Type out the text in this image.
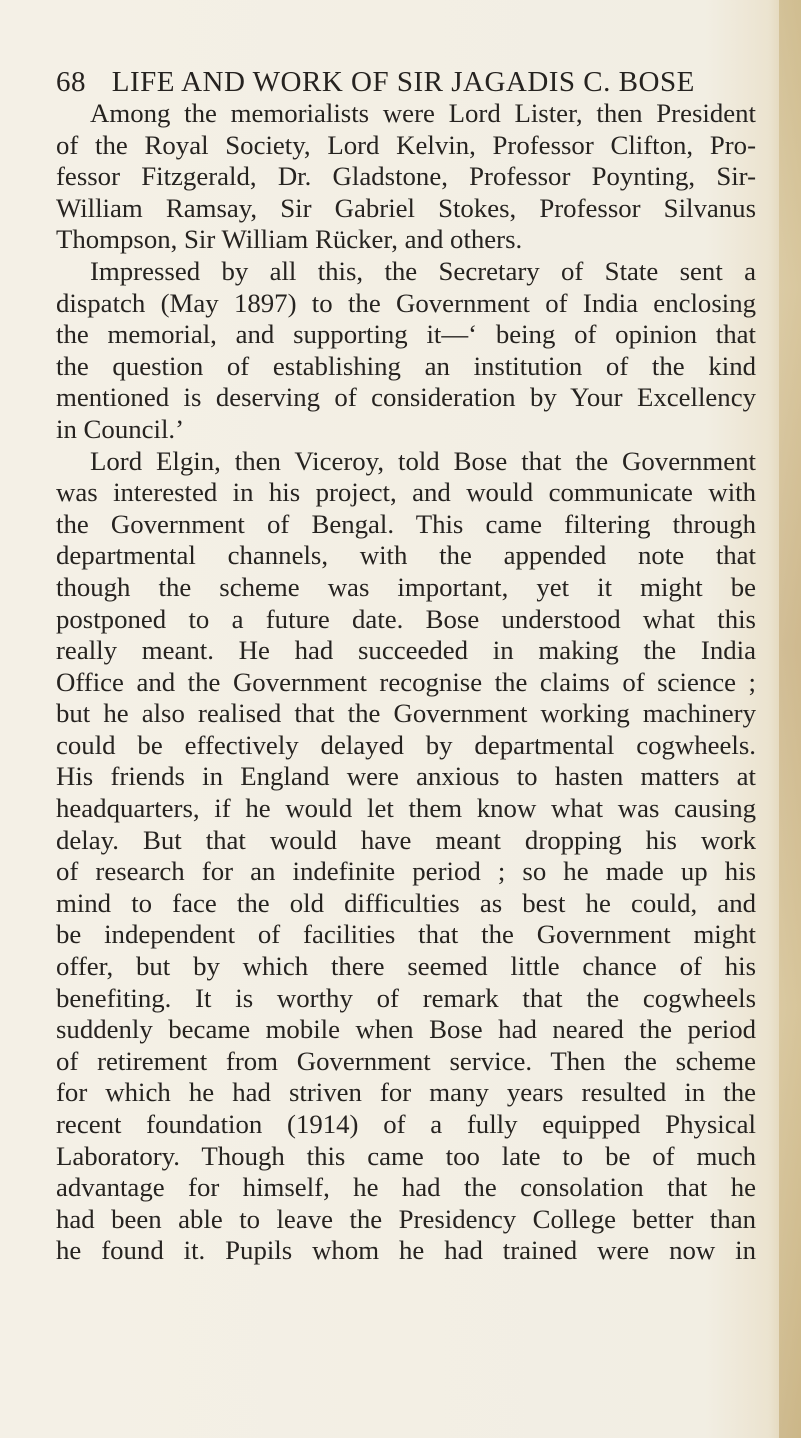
68 LIFE AND WORK OF SIR JAGADIS C. BOSE
Among the memorialists were Lord Lister, then President
of the Royal Society, Lord Kelvin, Professor Clifton, Pro-
fessor Fitzgerald, Dr. Gladstone, Professor Poynting, Sir-
William Ramsay, Sir Gabriel Stokes, Professor Silvanus
Thompson, Sir William Rücker, and others.
Impressed by all this, the Secretary of State sent a
dispatch (May 1897) to the Government of India enclosing
the memorial, and supporting it—‘ being of opinion that
the question of establishing an institution of the kind
mentioned is deserving of consideration by Your Excellency
in Council.’
Lord Elgin, then Viceroy, told Bose that the Government
was interested in his project, and would communicate with
the Government of Bengal. This came filtering through
departmental channels, with the appended note that
though the scheme was important, yet it might be
postponed to a future date. Bose understood what this
really meant. He had succeeded in making the India
Office and the Government recognise the claims of science ;
but he also realised that the Government working machinery
could be effectively delayed by departmental cogwheels.
His friends in England were anxious to hasten matters at
headquarters, if he would let them know what was causing
delay. But that would have meant dropping his work
of research for an indefinite period ; so he made up his
mind to face the old difficulties as best he could, and
be independent of facilities that the Government might
offer, but by which there seemed little chance of his
benefiting. It is worthy of remark that the cogwheels
suddenly became mobile when Bose had neared the period
of retirement from Government service. Then the scheme
for which he had striven for many years resulted in the
recent foundation (1914) of a fully equipped Physical
Laboratory. Though this came too late to be of much
advantage for himself, he had the consolation that he
had been able to leave the Presidency College better than
he found it. Pupils whom he had trained were now in
